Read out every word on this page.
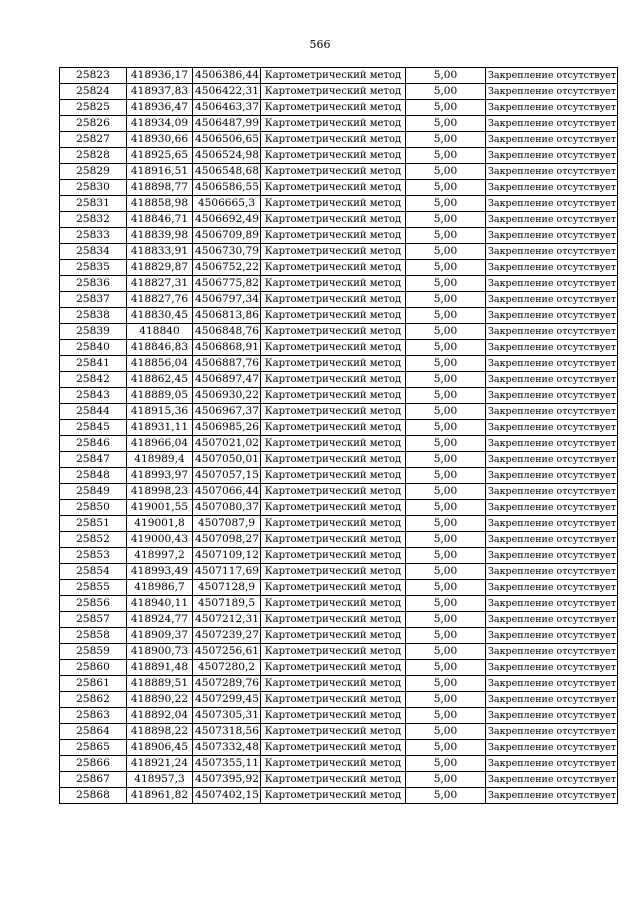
566
25823	418936,17	4506386,44	Картометрический метод	5,00	Закрепление отсутствует
25824	418937,83	4506422,31	Картометрический метод	5,00	Закрепление отсутствует
25825	418936,47	4506463,37	Картометрический метод	5,00	Закрепление отсутствует
25826	418934,09	4506487,99	Картометрический метод	5,00	Закрепление отсутствует
25827	418930,66	4506506,65	Картометрический метод	5,00	Закрепление отсутствует
25828	418925,65	4506524,98	Картометрический метод	5,00	Закрепление отсутствует
25829	418916,51	4506548,68	Картометрический метод	5,00	Закрепление отсутствует
25830	418898,77	4506586,55	Картометрический метод	5,00	Закрепление отсутствует
25831	418858,98	4506665,3	Картометрический метод	5,00	Закрепление отсутствует
25832	418846,71	4506692,49	Картометрический метод	5,00	Закрепление отсутствует
25833	418839,98	4506709,89	Картометрический метод	5,00	Закрепление отсутствует
25834	418833,91	4506730,79	Картометрический метод	5,00	Закрепление отсутствует
25835	418829,87	4506752,22	Картометрический метод	5,00	Закрепление отсутствует
25836	418827,31	4506775,82	Картометрический метод	5,00	Закрепление отсутствует
25837	418827,76	4506797,34	Картометрический метод	5,00	Закрепление отсутствует
25838	418830,45	4506813,86	Картометрический метод	5,00	Закрепление отсутствует
25839	418840	4506848,76	Картометрический метод	5,00	Закрепление отсутствует
25840	418846,83	4506868,91	Картометрический метод	5,00	Закрепление отсутствует
25841	418856,04	4506887,76	Картометрический метод	5,00	Закрепление отсутствует
25842	418862,45	4506897,47	Картометрический метод	5,00	Закрепление отсутствует
25843	418889,05	4506930,22	Картометрический метод	5,00	Закрепление отсутствует
25844	418915,36	4506967,37	Картометрический метод	5,00	Закрепление отсутствует
25845	418931,11	4506985,26	Картометрический метод	5,00	Закрепление отсутствует
25846	418966,04	4507021,02	Картометрический метод	5,00	Закрепление отсутствует
25847	418989,4	4507050,01	Картометрический метод	5,00	Закрепление отсутствует
25848	418993,97	4507057,15	Картометрический метод	5,00	Закрепление отсутствует
25849	418998,23	4507066,44	Картометрический метод	5,00	Закрепление отсутствует
25850	419001,55	4507080,37	Картометрический метод	5,00	Закрепление отсутствует
25851	419001,8	4507087,9	Картометрический метод	5,00	Закрепление отсутствует
25852	419000,43	4507098,27	Картометрический метод	5,00	Закрепление отсутствует
25853	418997,2	4507109,12	Картометрический метод	5,00	Закрепление отсутствует
25854	418993,49	4507117,69	Картометрический метод	5,00	Закрепление отсутствует
25855	418986,7	4507128,9	Картометрический метод	5,00	Закрепление отсутствует
25856	418940,11	4507189,5	Картометрический метод	5,00	Закрепление отсутствует
25857	418924,77	4507212,31	Картометрический метод	5,00	Закрепление отсутствует
25858	418909,37	4507239,27	Картометрический метод	5,00	Закрепление отсутствует
25859	418900,73	4507256,61	Картометрический метод	5,00	Закрепление отсутствует
25860	418891,48	4507280,2	Картометрический метод	5,00	Закрепление отсутствует
25861	418889,51	4507289,76	Картометрический метод	5,00	Закрепление отсутствует
25862	418890,22	4507299,45	Картометрический метод	5,00	Закрепление отсутствует
25863	418892,04	4507305,31	Картометрический метод	5,00	Закрепление отсутствует
25864	418898,22	4507318,56	Картометрический метод	5,00	Закрепление отсутствует
25865	418906,45	4507332,48	Картометрический метод	5,00	Закрепление отсутствует
25866	418921,24	4507355,11	Картометрический метод	5,00	Закрепление отсутствует
25867	418957,3	4507395,92	Картометрический метод	5,00	Закрепление отсутствует
25868	418961,82	4507402,15	Картометрический метод	5,00	Закрепление отсутствует
